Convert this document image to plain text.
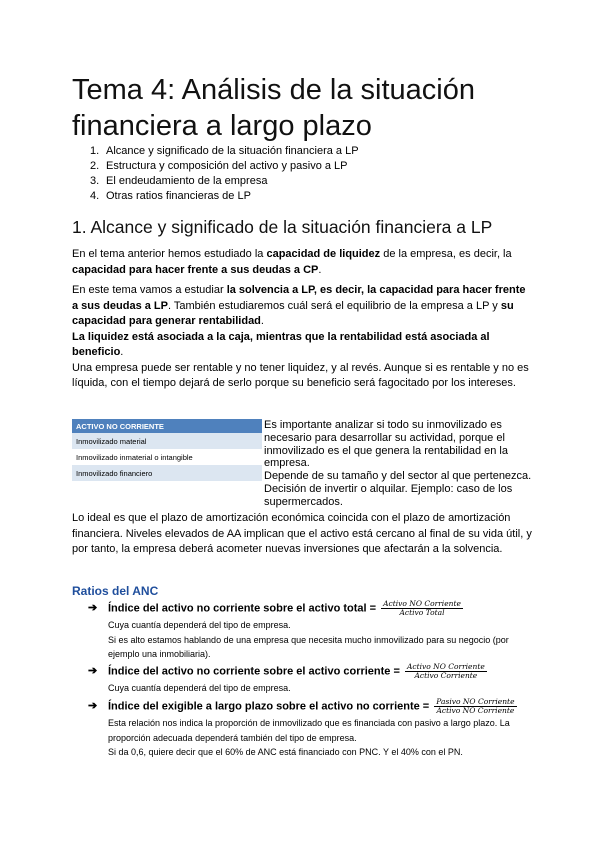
Tema 4: Análisis de la situación financiera a largo plazo
1. Alcance y significado de la situación financiera a LP
2. Estructura y composición del activo y pasivo a LP
3. El endeudamiento de la empresa
4. Otras ratios financieras de LP
1. Alcance y significado de la situación financiera a LP

En el tema anterior hemos estudiado la capacidad de liquidez de la empresa, es decir, la capacidad para hacer frente a sus deudas a CP.

En este tema vamos a estudiar la solvencia a LP, es decir, la capacidad para hacer frente a sus deudas a LP. También estudiaremos cuál será el equilibrio de la empresa a LP y su capacidad para generar rentabilidad.
La liquidez está asociada a la caja, mientras que la rentabilidad está asociada al beneficio.
Una empresa puede ser rentable y no tener liquidez, y al revés. Aunque si es rentable y no es líquida, con el tiempo dejará de serlo porque su beneficio será fagocitado por los intereses.

ACTIVO NO CORRIENTE
Inmovilizado material
Inmovilizado inmaterial o intangible
Inmovilizado financiero

Es importante analizar si todo su inmovilizado es necesario para desarrollar su actividad, porque el inmovilizado es el que genera la rentabilidad en la empresa.
Depende de su tamaño y del sector al que pertenezca.
Decisión de invertir o alquilar. Ejemplo: caso de los supermercados.

Lo ideal es que el plazo de amortización económica coincida con el plazo de amortización financiera. Niveles elevados de AA implican que el activo está cercano al final de su vida útil, y por tanto, la empresa deberá acometer nuevas inversiones que afectarán a la solvencia.

Ratios del ANC
➔ Índice del activo no corriente sobre el activo total = $\frac{\text{Activo NO Corriente}}{\text{Activo Total}}$

Cuya cuantía dependerá del tipo de empresa.
Si es alto estamos hablando de una empresa que necesita mucho inmovilizado para su negocio (por ejemplo una inmobiliaria).

➔ Índice del activo no corriente sobre el activo corriente = $\frac{\text{Activo NO Corriente}}{\text{Activo Corriente}}$

Cuya cuantía dependerá del tipo de empresa.

➔ Índice del exigible a largo plazo sobre el activo no corriente = $\frac{\text{Pasivo NO Corriente}}{\text{Activo NO Corriente}}$

Esta relación nos indica la proporción de inmovilizado que es financiada con pasivo a largo plazo. La proporción adecuada dependerá también del tipo de empresa.
Si da 0,6, quiere decir que el 60% de ANC está financiado con PNC. Y el 40% con el PN.
